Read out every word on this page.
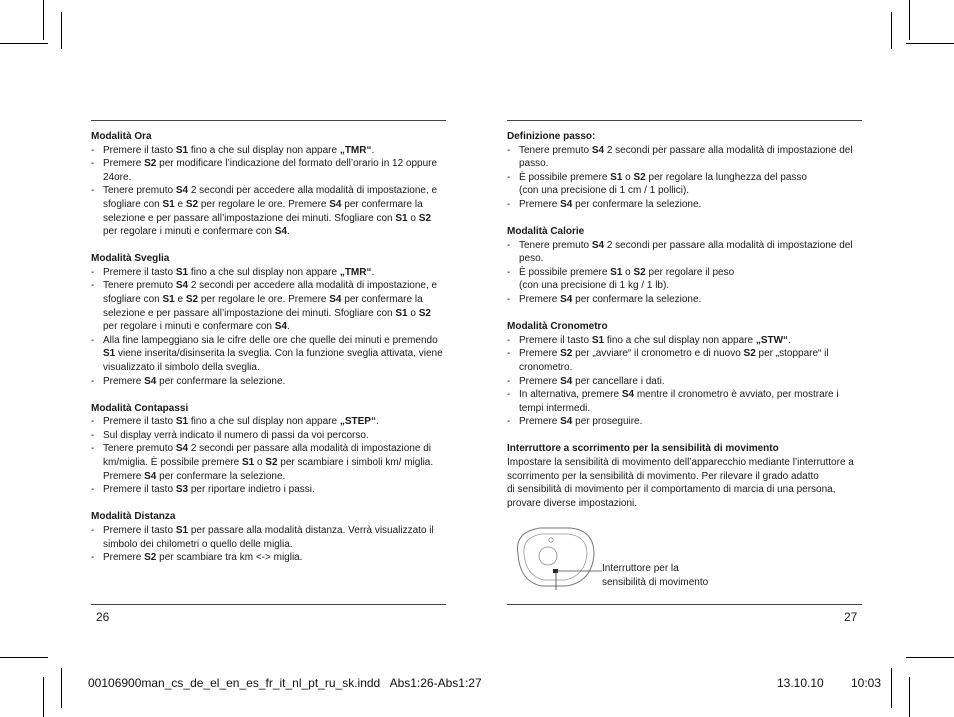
Modalità Ora
- Premere il tasto S1 fino a che sul display non appare „TMR“.
- Premere S2 per modificare l’indicazione del formato dell’orario in 12 oppure 24ore.
- Tenere premuto S4 2 secondi per accedere alla modalità di impostazione, e sfogliare con S1 e S2 per regolare le ore. Premere S4 per confermare la selezione e per passare all’impostazione dei minuti. Sfogliare con S1 o S2 per regolare i minuti e confermare con S4.
Modalità Sveglia
- Premere il tasto S1 fino a che sul display non appare „TMR“.
- Tenere premuto S4 2 secondi per accedere alla modalità di impostazione, e sfogliare con S1 e S2 per regolare le ore. Premere S4 per confermare la selezione e per passare all’impostazione dei minuti. Sfogliare con S1 o S2 per regolare i minuti e confermare con S4.
- Alla fine lampeggiano sia le cifre delle ore che quelle dei minuti e premendo S1 viene inserita/disinserita la sveglia. Con la funzione sveglia attivata, viene visualizzato il simbolo della sveglia.
- Premere S4 per confermare la selezione.
Modalità Contapassi
- Premere il tasto S1 fino a che sul display non appare „STEP“.
- Sul display verrà indicato il numero di passi da voi percorso.
- Tenere premuto S4 2 secondi per passare alla modalità di impostazione di km/miglia. È possibile premere S1 o S2 per scambiare i simboli km/ miglia. Premere S4 per confermare la selezione.
- Premere il tasto S3 per riportare indietro i passi.
Modalità Distanza
- Premere il tasto S1 per passare alla modalità distanza. Verrà visualizzato il simbolo dei chilometri o quello delle miglia.
- Premere S2 per scambiare tra km <-> miglia.
Definizione passo:
- Tenere premuto S4 2 secondi per passare alla modalità di impostazione del passo.
- È possibile premere S1 o S2 per regolare la lunghezza del passo
(con una precisione di 1 cm / 1 pollici).
- Premere S4 per confermare la selezione.
Modalità Calorie
- Tenere premuto S4 2 secondi per passare alla modalità di impostazione del peso.
- È possibile premere S1 o S2 per regolare il peso
(con una precisione di 1 kg / 1 lb).
- Premere S4 per confermare la selezione.
Modalità Cronometro
- Premere il tasto S1 fino a che sul display non appare „STW“.
- Premere S2 per „avviare“ il cronometro e di nuovo S2 per „stoppare“ il cronometro.
- Premere S4 per cancellare i dati.
- In alternativa, premere S4 mentre il cronometro è avviato, per mostrare i tempi intermedi.
- Premere S4 per proseguire.
Interruttore a scorrimento per la sensibilità di movimento

Impostare la sensibilità di movimento dell’apparecchio mediante l’interruttore a scorrimento per la sensibilità di movimento. Per rilevare il grado adatto
di sensibilità di movimento per il comportamento di marcia di una persona, provare diverse impostazioni.

Interruttore per la
sensibilità di movimento
26	27
00106900man_cs_de_el_en_es_fr_it_nl_pt_ru_sk.indd   Abs1:26-Abs1:27	13.10.10 10:03
